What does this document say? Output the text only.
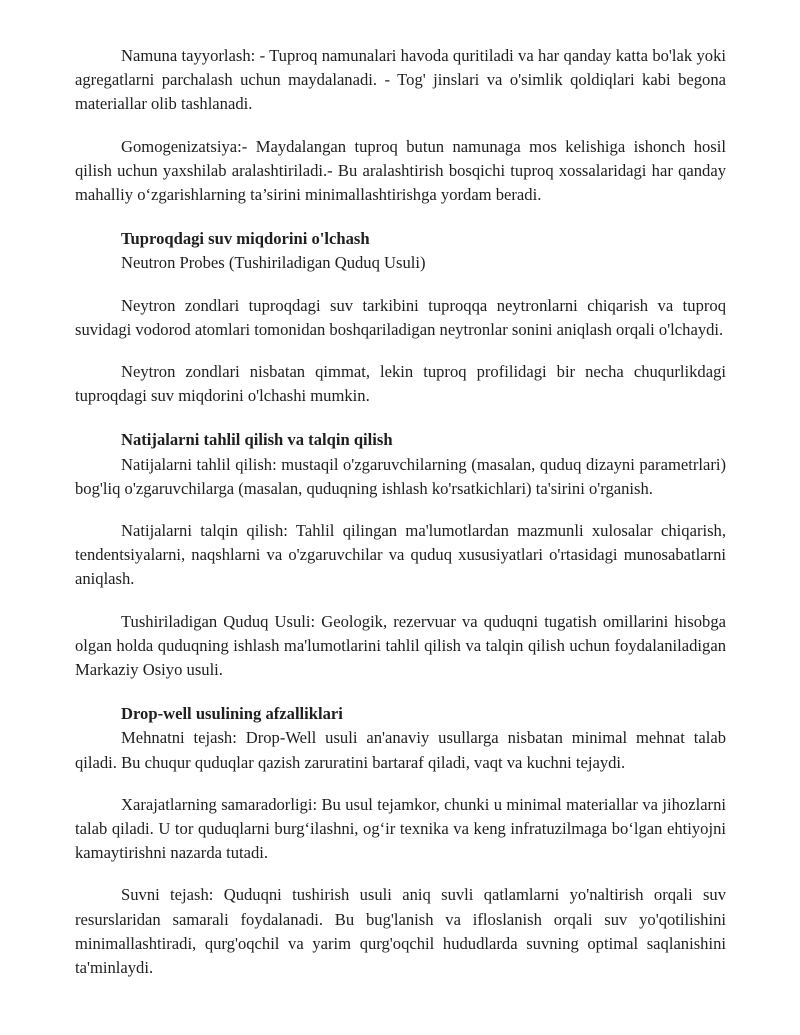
Namuna tayyorlash: - Tuproq namunalari havoda quritiladi va har qanday katta bo'lak yoki agregatlarni parchalash uchun maydalanadi. - Tog' jinslari va o'simlik qoldiqlari kabi begona materiallar olib tashlanadi.

Gomogenizatsiya:- Maydalangan tuproq butun namunaga mos kelishiga ishonch hosil qilish uchun yaxshilab aralashtiriladi.- Bu aralashtirish bosqichi tuproq xossalaridagi har qanday mahalliy o‘zgarishlarning ta’sirini minimallashtirishga yordam beradi.

Tuproqdagi suv miqdorini o'lchash
Neutron Probes (Tushiriladigan Quduq Usuli)

Neytron zondlari tuproqdagi suv tarkibini tuproqqa neytronlarni chiqarish va tuproq suvidagi vodorod atomlari tomonidan boshqariladigan neytronlar sonini aniqlash orqali o'lchaydi.

Neytron zondlari nisbatan qimmat, lekin tuproq profilidagi bir necha chuqurlikdagi tuproqdagi suv miqdorini o'lchashi mumkin.

Natijalarni tahlil qilish va talqin qilish

Natijalarni tahlil qilish: mustaqil o'zgaruvchilarning (masalan, quduq dizayni parametrlari) bog'liq o'zgaruvchilarga (masalan, quduqning ishlash ko'rsatkichlari) ta'sirini o'rganish.

Natijalarni talqin qilish: Tahlil qilingan ma'lumotlardan mazmunli xulosalar chiqarish, tendentsiyalarni, naqshlarni va o'zgaruvchilar va quduq xususiyatlari o'rtasidagi munosabatlarni aniqlash.

Tushiriladigan Quduq Usuli: Geologik, rezervuar va quduqni tugatish omillarini hisobga olgan holda quduqning ishlash ma'lumotlarini tahlil qilish va talqin qilish uchun foydalaniladigan Markaziy Osiyo usuli.

Drop-well usulining afzalliklari

Mehnatni tejash: Drop-Well usuli an'anaviy usullarga nisbatan minimal mehnat talab qiladi. Bu chuqur quduqlar qazish zaruratini bartaraf qiladi, vaqt va kuchni tejaydi.

Xarajatlarning samaradorligi: Bu usul tejamkor, chunki u minimal materiallar va jihozlarni talab qiladi. U tor quduqlarni burg‘ilashni, og‘ir texnika va keng infratuzilmaga bo‘lgan ehtiyojni kamaytirishni nazarda tutadi.

Suvni tejash: Quduqni tushirish usuli aniq suvli qatlamlarni yo'naltirish orqali suv resurslaridan samarali foydalanadi. Bu bug'lanish va ifloslanish orqali suv yo'qotilishini minimallashtiradi, qurg'oqchil va yarim qurg'oqchil hududlarda suvning optimal saqlanishini ta'minlaydi.
